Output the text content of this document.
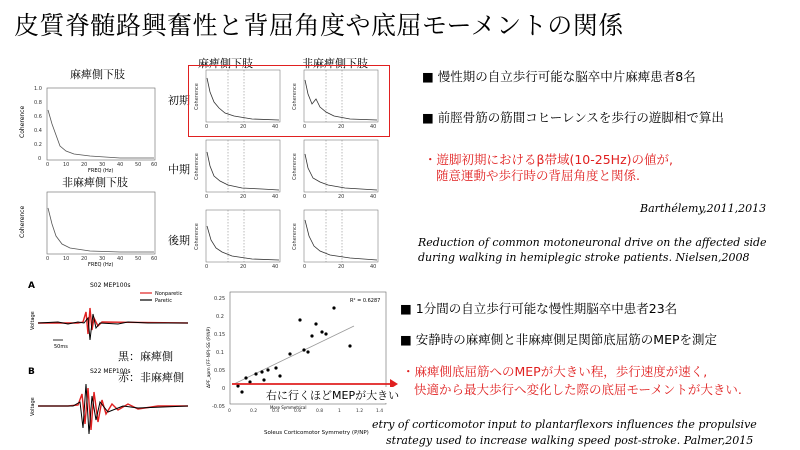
皮質脊髄路興奮性と背屈角度や底屈モーメントの関係
麻痺側下肢
Coherence
1.0
0.8
0.6
0.4
0.2
0
0	10 20 30 40 50 60
FREQ (Hz)
非麻痺側下肢
Coherence
0	10 20 30 40 50 60
FREQ (Hz)
麻痺側下肢	非麻痺側下肢
初期
中期
後期
Coherence
0	20	40
Coherence
0	20	40
Coherence
0	20	40
Coherence
0	20	40
Coherence
0	20	40
Coherence
0	20	40
■ 慢性期の自立歩行可能な脳卒中片麻痺患者8名
■ 前脛骨筋の筋間コヒーレンスを歩行の遊脚相で算出
・遊脚初期におけるβ帯域(10-25Hz)の値が,
随意運動や歩行時の背屈角度と関係.
Barthélemy,2011,2013
Reduction of common motoneuronal drive on the affected side
during walking in hemiplegic stroke patients. Nielsen,2008
A	S02 MEP100s
Nonparetic
Paretic
Voltage
50ms
B	S22 MEP100s
Voltage
黒：麻痺側
赤：非麻痺側	ΔPF_apm (FF-NP)-SS (P/NP)
0.25
0.2
0.15
0.1
0.05
0
-0.05
R² = 0.6287
0	0.2	0.4	0.6	0.8	1	1.2	1.4
More Symmetrical
Soleus Corticomotor Symmetry (P/NP)
右に行くほどMEPが大きい
■ 1分間の自立歩行可能な慢性期脳卒中患者23名
■ 安静時の麻痺側と非麻痺側足関節底屈筋のMEPを測定
・麻痺側底屈筋へのMEPが大きい程，歩行速度が速く,
快適から最大歩行へ変化した際の底屈モーメントが大きい.
etry of corticomotor input to plantarflexors influences the propulsive
strategy used to increase walking speed post-stroke. Palmer,2015
